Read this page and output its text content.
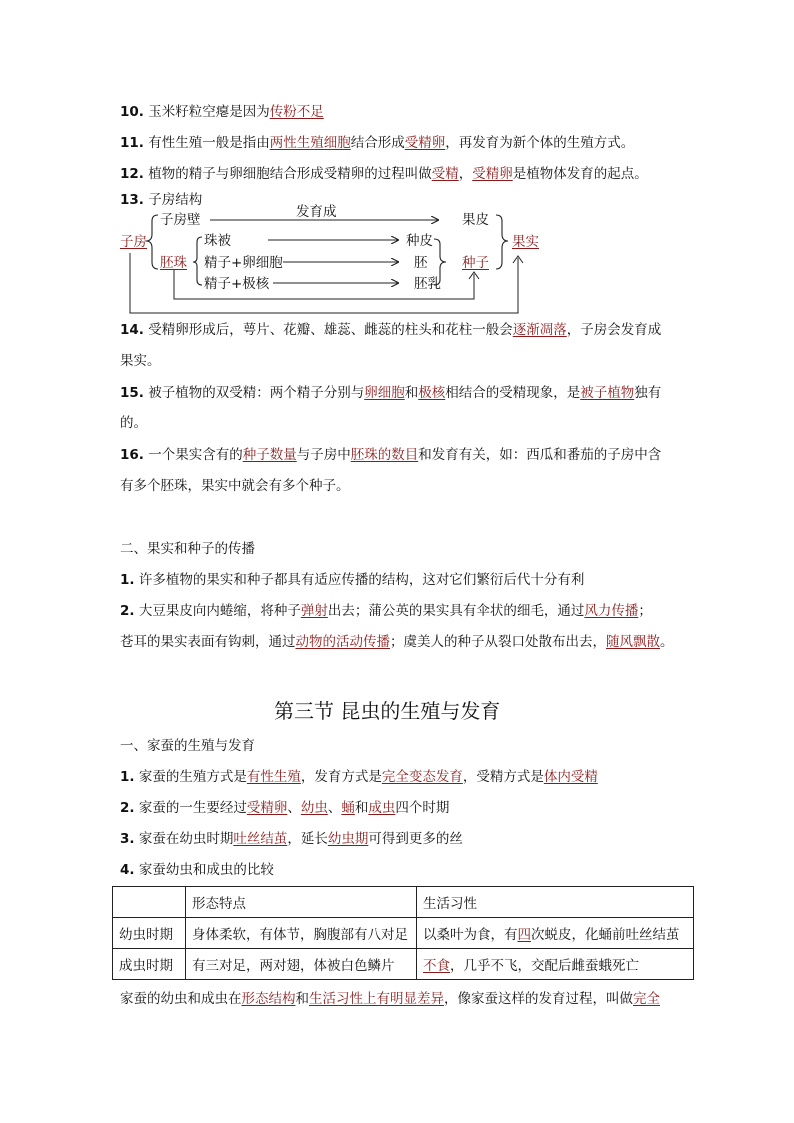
10. 玉米籽粒空瘪是因为传粉不足
11. 有性生殖一般是指由两性生殖细胞结合形成受精卵，再发育为新个体的生殖方式。
12. 植物的精子与卵细胞结合形成受精卵的过程叫做受精，受精卵是植物体发育的起点。
13. 子房结构
子房
子房壁	发育成	果皮
果实
胚珠
珠被	种皮
精子+卵细胞	胚	种子
精子+极核	胚乳
14. 受精卵形成后，萼片、花瓣、雄蕊、雌蕊的柱头和花柱一般会逐渐凋落，子房会发育成
果实。
15. 被子植物的双受精：两个精子分别与卵细胞和极核相结合的受精现象，是被子植物独有
的。
16. 一个果实含有的种子数量与子房中胚珠的数目和发育有关，如：西瓜和番茄的子房中含
有多个胚珠，果实中就会有多个种子。
二、果实和种子的传播
1. 许多植物的果实和种子都具有适应传播的结构，这对它们繁衍后代十分有利
2. 大豆果皮向内蜷缩，将种子弹射出去；蒲公英的果实具有伞状的细毛，通过风力传播；
苍耳的果实表面有钩刺，通过动物的活动传播；虞美人的种子从裂口处散布出去，随风飘散。
第三节 昆虫的生殖与发育
一、家蚕的生殖与发育
1. 家蚕的生殖方式是有性生殖，发育方式是完全变态发育，受精方式是体内受精
2. 家蚕的一生要经过受精卵、幼虫、蛹和成虫四个时期
3. 家蚕在幼虫时期吐丝结茧，延长幼虫期可得到更多的丝
4. 家蚕幼虫和成虫的比较
	形态特点	生活习性
幼虫时期	身体柔软，有体节，胸腹部有八对足	以桑叶为食，有四次蜕皮，化蛹前吐丝结茧
成虫时期	有三对足，两对翅，体被白色鳞片	不食，几乎不飞，交配后雌蚕蛾死亡
家蚕的幼虫和成虫在形态结构和生活习性上有明显差异，像家蚕这样的发育过程，叫做完全
